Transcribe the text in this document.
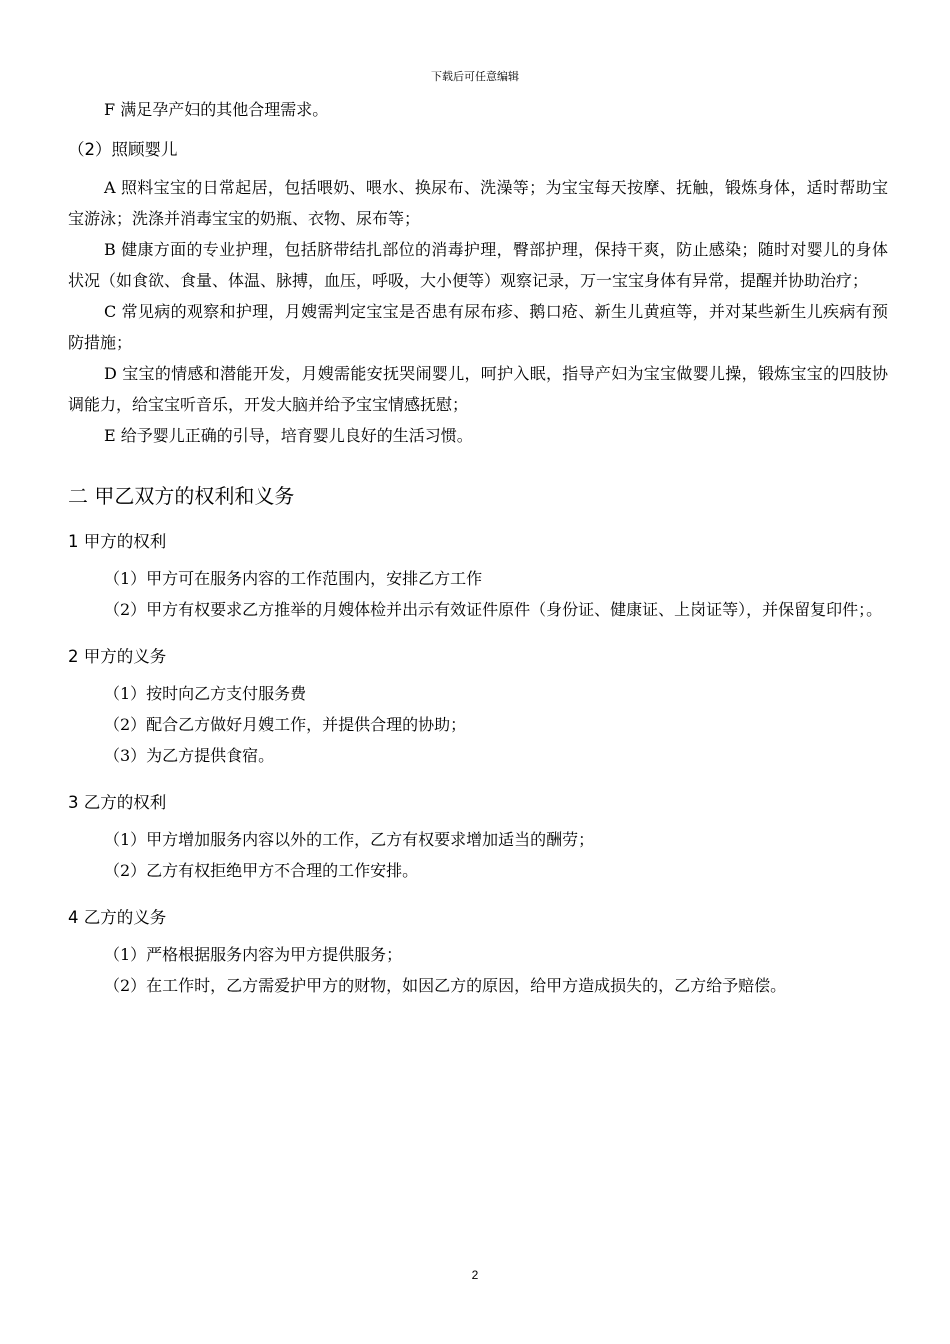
下载后可任意编辑

F 满足孕产妇的其他合理需求。

（2）照顾婴儿

A 照料宝宝的日常起居，包括喂奶、喂水、换尿布、洗澡等；为宝宝每天按摩、抚触，锻炼身体，适时帮助宝宝游泳；洗涤并消毒宝宝的奶瓶、衣物、尿布等；

B 健康方面的专业护理，包括脐带结扎部位的消毒护理，臀部护理，保持干爽，防止感染；随时对婴儿的身体状况（如食欲、食量、体温、脉搏，血压，呼吸，大小便等）观察记录，万一宝宝身体有异常，提醒并协助治疗；

C 常见病的观察和护理，月嫂需判定宝宝是否患有尿布疹、鹅口疮、新生儿黄疸等，并对某些新生儿疾病有预防措施；

D 宝宝的情感和潜能开发，月嫂需能安抚哭闹婴儿，呵护入眠，指导产妇为宝宝做婴儿操，锻炼宝宝的四肢协调能力，给宝宝听音乐，开发大脑并给予宝宝情感抚慰；

E 给予婴儿正确的引导，培育婴儿良好的生活习惯。

二 甲乙双方的权利和义务

1 甲方的权利

（1）甲方可在服务内容的工作范围内，安排乙方工作

（2）甲方有权要求乙方推举的月嫂体检并出示有效证件原件（身份证、健康证、上岗证等），并保留复印件；。

2 甲方的义务

（1）按时向乙方支付服务费

（2）配合乙方做好月嫂工作，并提供合理的协助；

（3）为乙方提供食宿。

3 乙方的权利

（1）甲方增加服务内容以外的工作，乙方有权要求增加适当的酬劳；

（2）乙方有权拒绝甲方不合理的工作安排。

4 乙方的义务

（1）严格根据服务内容为甲方提供服务；

（2）在工作时，乙方需爱护甲方的财物，如因乙方的原因，给甲方造成损失的，乙方给予赔偿。

2
